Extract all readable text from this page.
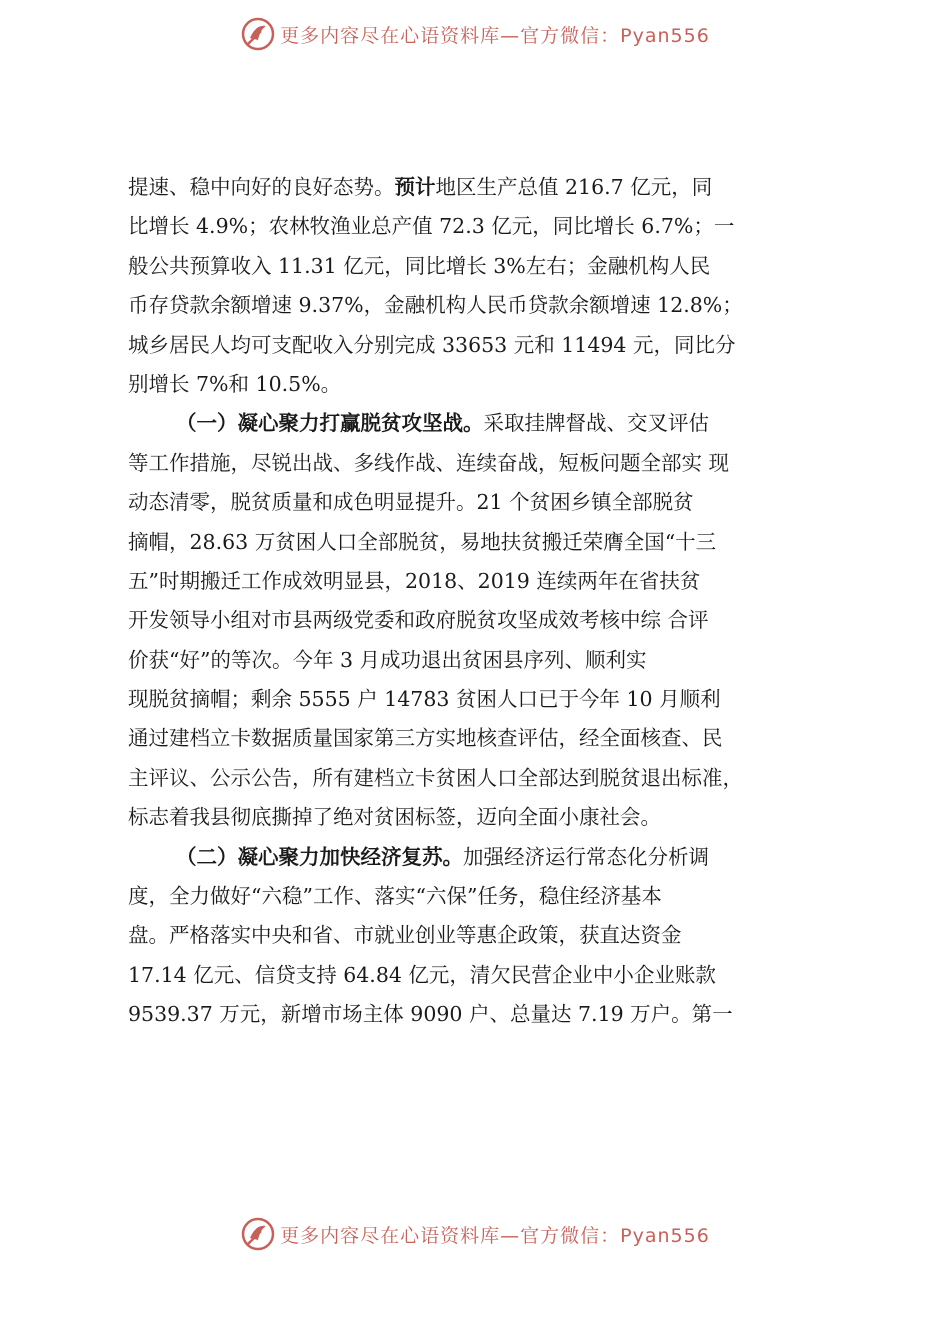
更多内容尽在心语资料库—官方微信：Pyan556
提速、稳中向好的良好态势。预计地区生产总值 216.7 亿元，同
比增长 4.9%；农林牧渔业总产值 72.3 亿元，同比增长 6.7%；一
般公共预算收入 11.31 亿元，同比增长 3%左右；金融机构人民
币存贷款余额增速 9.37%，金融机构人民币贷款余额增速 12.8%；
城乡居民人均可支配收入分别完成 33653 元和 11494 元，同比分
别增长 7%和 10.5%。
（一）凝心聚力打赢脱贫攻坚战。采取挂牌督战、交叉评估
等工作措施，尽锐出战、多线作战、连续奋战，短板问题全部实 现
动态清零，脱贫质量和成色明显提升。21 个贫困乡镇全部脱贫
摘帽，28.63 万贫困人口全部脱贫，易地扶贫搬迁荣膺全国“十三
五”时期搬迁工作成效明显县，2018、2019 连续两年在省扶贫
开发领导小组对市县两级党委和政府脱贫攻坚成效考核中综 合评
价获“好”的等次。今年 3 月成功退出贫困县序列、顺利实
现脱贫摘帽；剩余 5555 户 14783 贫困人口已于今年 10 月顺利
通过建档立卡数据质量国家第三方实地核查评估，经全面核查、民
主评议、公示公告，所有建档立卡贫困人口全部达到脱贫退出标准，
标志着我县彻底撕掉了绝对贫困标签，迈向全面小康社会。
（二）凝心聚力加快经济复苏。加强经济运行常态化分析调
度，全力做好“六稳”工作、落实“六保”任务，稳住经济基本
盘。严格落实中央和省、市就业创业等惠企政策，获直达资金
17.14 亿元、信贷支持 64.84 亿元，清欠民营企业中小企业账款
9539.37 万元，新增市场主体 9090 户、总量达 7.19 万户。第一
更多内容尽在心语资料库—官方微信：Pyan556
